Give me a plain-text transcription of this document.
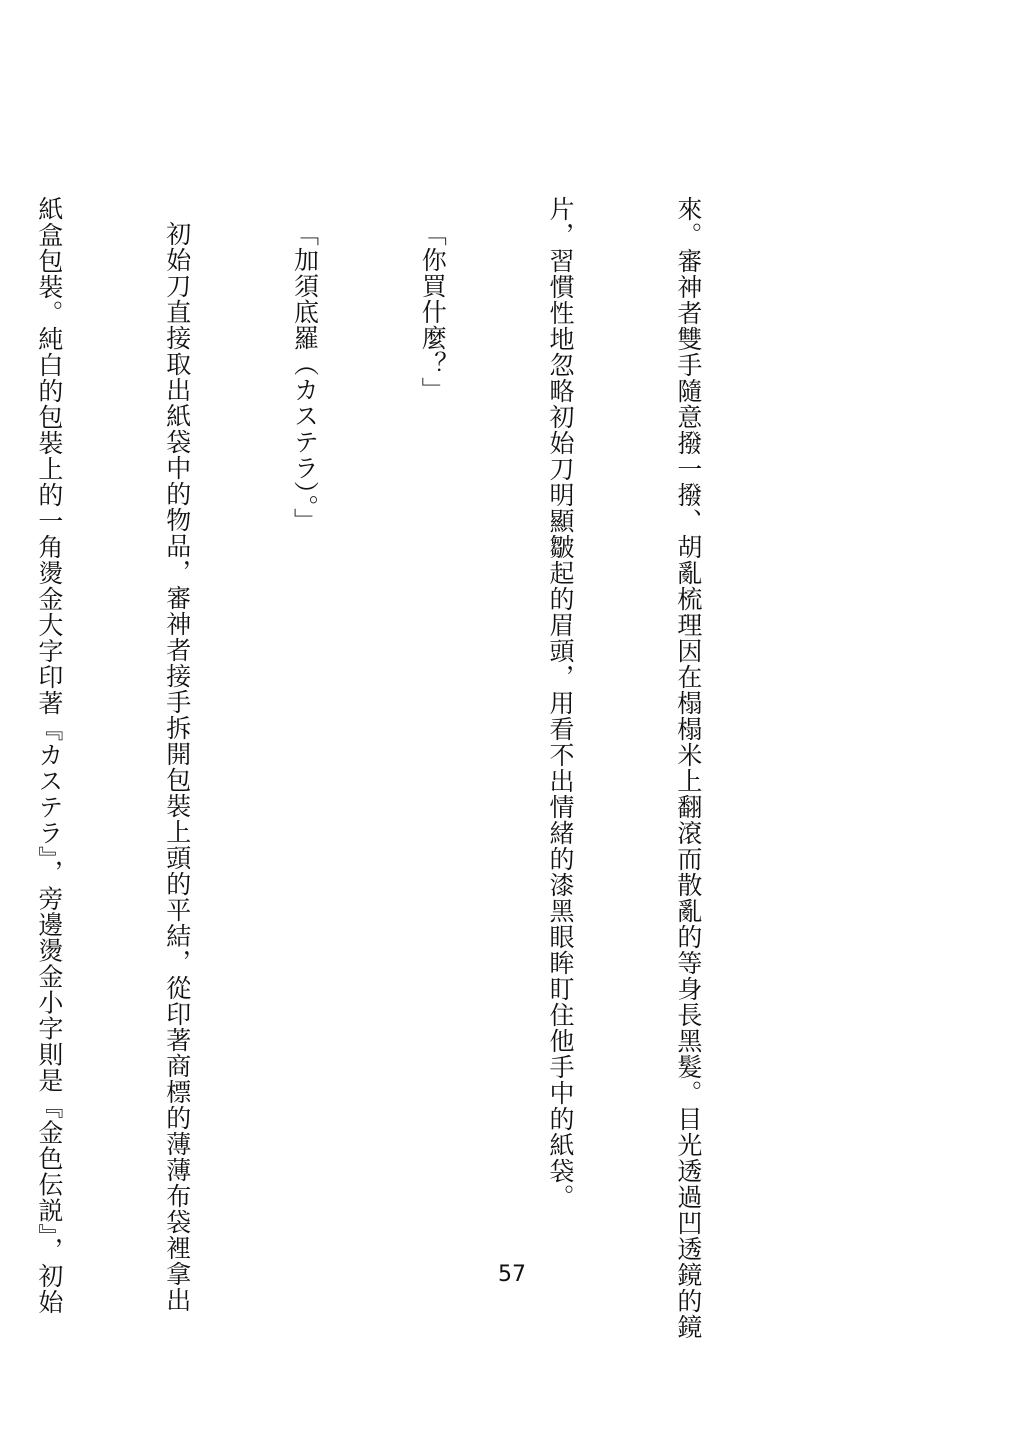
來。審神者雙手隨意撥一撥、胡亂梳理因在榻榻米上翻滾而散亂的等身長黑髮。目光透過凹透鏡的鏡

片，習慣性地忽略初始刀明顯皺起的眉頭，用看不出情緒的漆黑眼眸盯住他手中的紙袋。

「你買什麼？」

「加須底羅（カステラ）。」

初始刀直接取出紙袋中的物品，審神者接手拆開包裝上頭的平結，從印著商標的薄薄布袋裡拿出

紙盒包裝。純白的包裝上的一角燙金大字印著『カステラ』，旁邊燙金小字則是『金色伝説』，初始

	57
